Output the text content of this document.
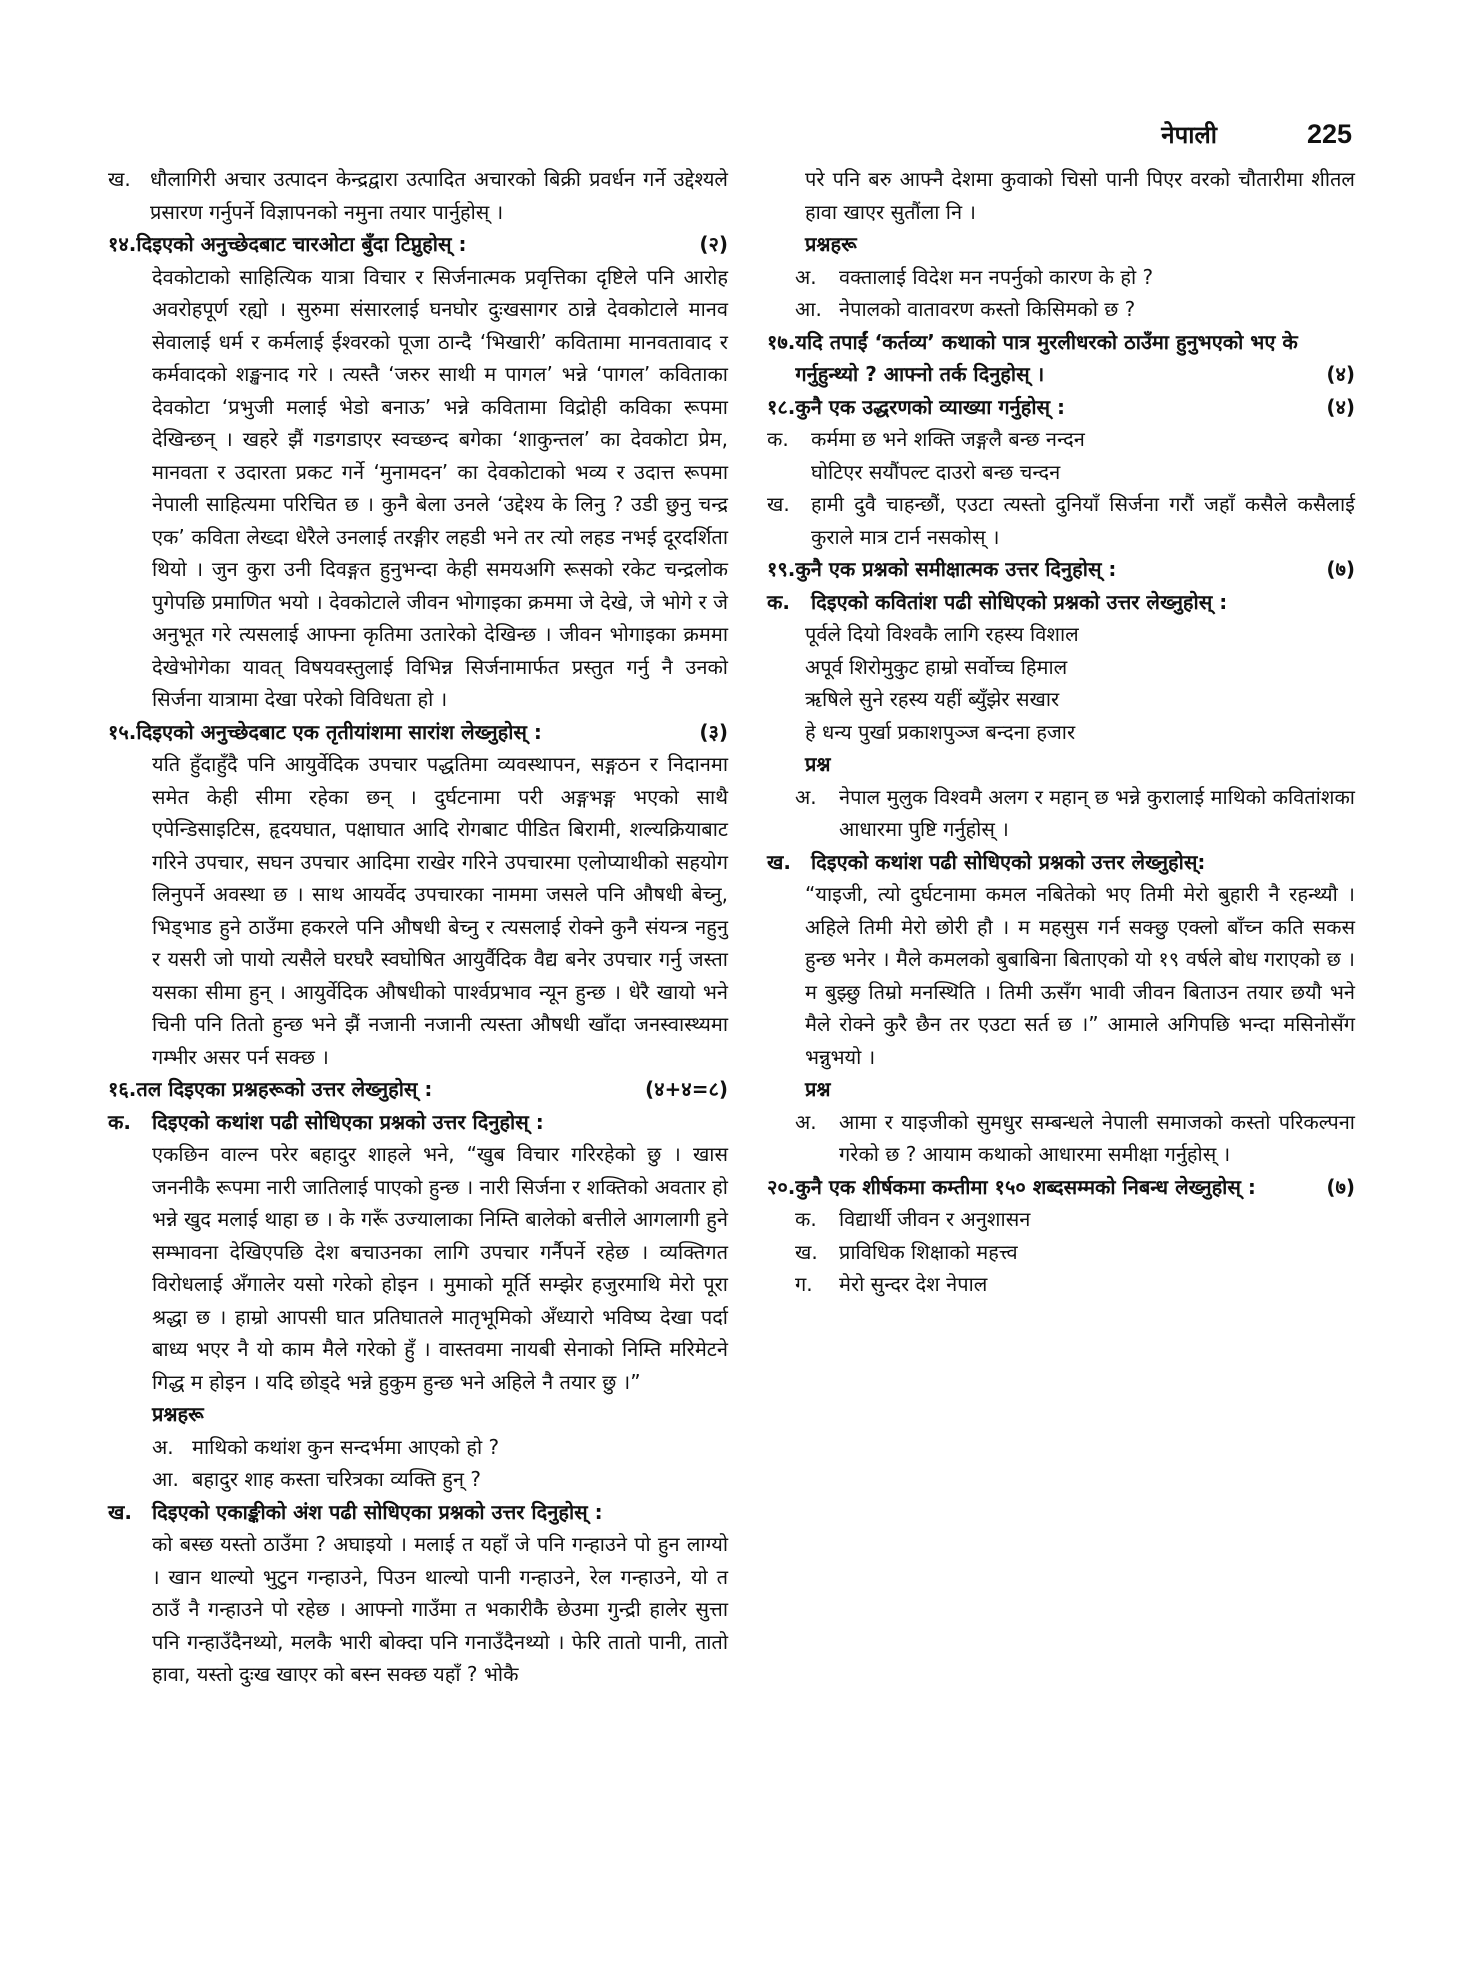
नेपाली	225
ख. धौलागिरी अचार उत्पादन केन्द्रद्वारा उत्पादित अचारको बिक्री प्रवर्धन गर्ने उद्देश्यले प्रसारण गर्नुपर्ने विज्ञापनको नमुना तयार पार्नुहोस् ।
१४. दिइएको अनुच्छेदबाट चारओटा बुँदा टिप्नुहोस् :	(२)

देवकोटाको साहित्यिक यात्रा विचार र सिर्जनात्मक प्रवृत्तिका दृष्टिले पनि आरोह अवरोहपूर्ण रह्यो । सुरुमा संसारलाई घनघोर दुःखसागर ठान्ने देवकोटाले मानव सेवालाई धर्म र कर्मलाई ईश्वरको पूजा ठान्दै ‘भिखारी’ कवितामा मानवतावाद र कर्मवादको शङ्खनाद गरे । त्यस्तै ‘जरुर साथी म पागल’ भन्ने ‘पागल’ कविताका देवकोटा ‘प्रभुजी मलाई भेडो बनाऊ’ भन्ने कवितामा विद्रोही कविका रूपमा देखिन्छन् । खहरे झैं गडगडाएर स्वच्छन्द बगेका ‘शाकुन्तल’ का देवकोटा प्रेम, मानवता र उदारता प्रकट गर्ने ‘मुनामदन’ का देवकोटाको भव्य र उदात्त रूपमा नेपाली साहित्यमा परिचित छ । कुनै बेला उनले ‘उद्देश्य के लिनु ? उडी छुनु चन्द्र एक’ कविता लेख्दा धेरैले उनलाई तरङ्गीर लहडी भने तर त्यो लहड नभई दूरदर्शिता थियो । जुन कुरा उनी दिवङ्गत हुनुभन्दा केही समयअगि रूसको रकेट चन्द्रलोक पुगेपछि प्रमाणित भयो । देवकोटाले जीवन भोगाइका क्रममा जे देखे, जे भोगे र जे अनुभूत गरे त्यसलाई आफ्ना कृतिमा उतारेको देखिन्छ । जीवन भोगाइका क्रममा देखेभोगेका यावत् विषयवस्तुलाई विभिन्न सिर्जनामार्फत प्रस्तुत गर्नु नै उनको सिर्जना यात्रामा देखा परेको विविधता हो ।

१५. दिइएको अनुच्छेदबाट एक तृतीयांशमा सारांश लेख्नुहोस् :	(३)

यति हुँदाहुँदै पनि आयुर्वेदिक उपचार पद्धतिमा व्यवस्थापन, सङ्गठन र निदानमा समेत केही सीमा रहेका छन् । दुर्घटनामा परी अङ्गभङ्ग भएको साथै एपेन्डिसाइटिस, हृदयघात, पक्षाघात आदि रोगबाट पीडित बिरामी, शल्यक्रियाबाट गरिने उपचार, सघन उपचार आदिमा राखेर गरिने उपचारमा एलोप्याथीको सहयोग लिनुपर्ने अवस्था छ । साथ आयर्वेद उपचारका नाममा जसले पनि औषधी बेच्नु, भिड्भाड हुने ठाउँमा हकरले पनि औषधी बेच्नु र त्यसलाई रोक्ने कुनै संयन्त्र नहुनु र यसरी जो पायो त्यसैले घरघरै स्वघोषित आयुर्वैदिक वैद्य बनेर उपचार गर्नु जस्ता यसका सीमा हुन् । आयुर्वेदिक औषधीको पार्श्वप्रभाव न्यून हुन्छ । धेरै खायो भने चिनी पनि तितो हुन्छ भने झैं नजानी नजानी त्यस्ता औषधी खाँदा जनस्वास्थ्यमा गम्भीर असर पर्न सक्छ ।

१६. तल दिइएका प्रश्नहरूको उत्तर लेख्नुहोस् :	(४+४=८)
क.	दिइएको कथांश पढी सोधिएका प्रश्नको उत्तर दिनुहोस् :

एकछिन वाल्न परेर बहादुर शाहले भने, “खुब विचार गरिरहेको छु । खास जननीकै रूपमा नारी जातिलाई पाएको हुन्छ । नारी सिर्जना र शक्तिको अवतार हो भन्ने खुद मलाई थाहा छ । के गरूँ उज्यालाका निम्ति बालेको बत्तीले आगलागी हुने सम्भावना देखिएपछि देश बचाउनका लागि उपचार गर्नैपर्ने रहेछ । व्यक्तिगत विरोधलाई अँगालेर यसो गरेको होइन । मुमाको मूर्ति सम्झेर हजुरमाथि मेरो पूरा श्रद्धा छ । हाम्रो आपसी घात प्रतिघातले मातृभूमिको अँध्यारो भविष्य देखा पर्दा बाध्य भएर नै यो काम मैले गरेको हुँ । वास्तवमा नायबी सेनाको निम्ति मरिमेटने गिद्ध म होइन । यदि छोड्दे भन्ने हुकुम हुन्छ भने अहिले नै तयार छु ।”

प्रश्नहरू
अ. माथिको कथांश कुन सन्दर्भमा आएको हो ?
आ. बहादुर शाह कस्ता चरित्रका व्यक्ति हुन् ?
ख.	दिइएको एकाङ्कीको अंश पढी सोधिएका प्रश्नको उत्तर दिनुहोस् :

को बस्छ यस्तो ठाउँमा ? अघाइयो । मलाई त यहाँ जे पनि गन्हाउने पो हुन लाग्यो । खान थाल्यो भुटुन गन्हाउने, पिउन थाल्यो पानी गन्हाउने, रेल गन्हाउने, यो त ठाउँ नै गन्हाउने पो रहेछ । आफ्नो गाउँमा त भकारीकै छेउमा गुन्द्री हालेर सुत्ता पनि गन्हाउँदैनथ्यो, मलकै भारी बोक्दा पनि गनाउँदैनथ्यो । फेरि तातो पानी, तातो हावा, यस्तो दुःख खाएर को बस्न सक्छ यहाँ ? भोकै

परे पनि बरु आफ्नै देशमा कुवाको चिसो पानी पिएर वरको चौतारीमा शीतल हावा खाएर सुतौंला नि ।

प्रश्नहरू
अ.	वक्तालाई विदेश मन नपर्नुको कारण के हो ?
आ. नेपालको वातावरण कस्तो किसिमको छ ?
१७. यदि तपाईं ‘कर्तव्य’ कथाको पात्र मुरलीधरको ठाउँमा हुनुभएको भए के गर्नुहुन्थ्यो ? आफ्नो तर्क दिनुहोस् ।	(४)
१८. कुनै एक उद्धरणको व्याख्या गर्नुहोस् :	(४)
क.	कर्ममा छ भने शक्ति जङ्गलै बन्छ नन्दन
घोटिएर सयौंपल्ट दाउरो बन्छ चन्दन
ख.	हामी दुवै चाहन्छौं, एउटा त्यस्तो दुनियाँ सिर्जना गरौं जहाँ कसैले कसैलाई कुराले मात्र टार्न नसकोस् ।
१९. कुनै एक प्रश्नको समीक्षात्मक उत्तर दिनुहोस् :	(७)
क.	दिइएको कवितांश पढी सोधिएको प्रश्नको उत्तर लेख्नुहोस् :

पूर्वले दियो विश्वकै लागि रहस्य विशाल

अपूर्व शिरोमुकुट हाम्रो सर्वोच्च हिमाल

ऋषिले सुने रहस्य यहीं ब्युँझेर सखार

हे धन्य पुर्खा प्रकाशपुञ्ज बन्दना हजार

प्रश्न
अ.	नेपाल मुलुक विश्वमै अलग र महान् छ भन्ने कुरालाई माथिको कवितांशका आधारमा पुष्टि गर्नुहोस् ।
ख.	दिइएको कथांश पढी सोधिएको प्रश्नको उत्तर लेख्नुहोस्:

“याइजी, त्यो दुर्घटनामा कमल नबितेको भए तिमी मेरो बुहारी नै रहन्थ्यौ । अहिले तिमी मेरो छोरी हौ । म महसुस गर्न सक्छु एक्लो बाँच्न कति सकस हुन्छ भनेर । मैले कमलको बुबाबिना बिताएको यो १९ वर्षले बोध गराएको छ । म बुझ्छु तिम्रो मनस्थिति । तिमी ऊसँग भावी जीवन बिताउन तयार छयौ भने मैले रोक्ने कुरै छैन तर एउटा सर्त छ ।” आमाले अगिपछि भन्दा मसिनोसँग भन्नुभयो ।

प्रश्न
अ.	आमा र याइजीको सुमधुर सम्बन्धले नेपाली समाजको कस्तो परिकल्पना गरेको छ ? आयाम कथाको आधारमा समीक्षा गर्नुहोस् ।
२०. कुनै एक शीर्षकमा कम्तीमा १५० शब्दसम्मको निबन्ध लेख्नुहोस् :	(७)
क.	विद्यार्थी जीवन र अनुशासन
ख.	प्राविधिक शिक्षाको महत्त्व
ग.	मेरो सुन्दर देश नेपाल
